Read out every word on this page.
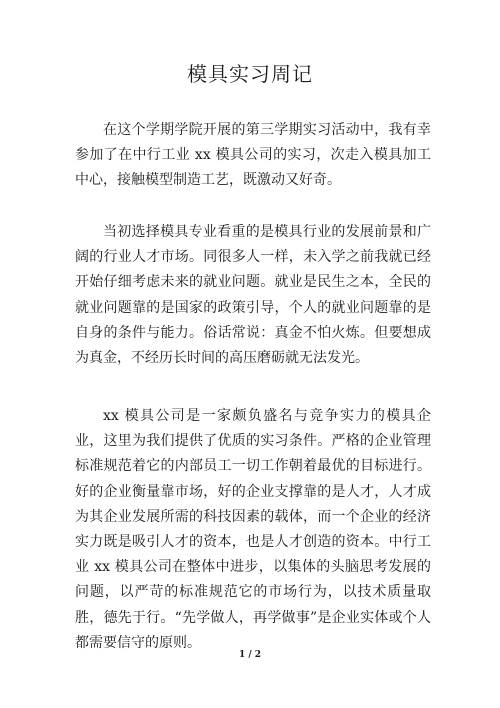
模具实习周记

在这个学期学院开展的第三学期实习活动中，我有幸参加了在中行工业 xx 模具公司的实习，次走入模具加工中心，接触模型制造工艺，既激动又好奇。

当初选择模具专业看重的是模具行业的发展前景和广阔的行业人才市场。同很多人一样，未入学之前我就已经开始仔细考虑未来的就业问题。就业是民生之本，全民的就业问题靠的是国家的政策引导，个人的就业问题靠的是自身的条件与能力。俗话常说：真金不怕火炼。但要想成为真金，不经历长时间的高压磨砺就无法发光。

xx 模具公司是一家颇负盛名与竞争实力的模具企业，这里为我们提供了优质的实习条件。严格的企业管理标准规范着它的内部员工一切工作朝着最优的目标进行。好的企业衡量靠市场，好的企业支撑靠的是人才，人才成为其企业发展所需的科技因素的载体，而一个企业的经济实力既是吸引人才的资本，也是人才创造的资本。中行工业 xx 模具公司在整体中进步，以集体的头脑思考发展的问题，以严苛的标准规范它的市场行为，以技术质量取胜，德先于行。“先学做人，再学做事”是企业实体或个人都需要信守的原则。

1 / 2
